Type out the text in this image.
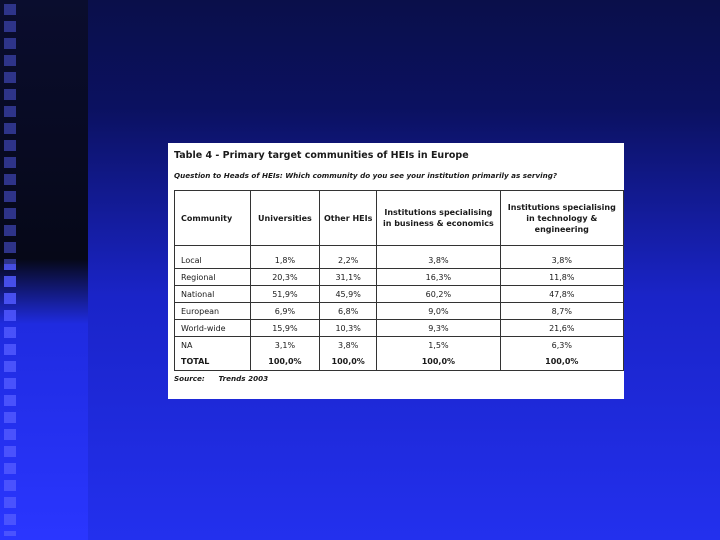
Table 4 - Primary target communities of HEIs in Europe
Question to Heads of HEIs: Which community do you see your institution primarily as serving?
Community	Universities	Other HEIs	Institutions specialising in business & economics	Institutions specialising in technology & engineering
Local	1,8%	2,2%	3,8%	3,8%
Regional	20,3%	31,1%	16,3%	11,8%
National	51,9%	45,9%	60,2%	47,8%
European	6,9%	6,8%	9,0%	8,7%
World-wide	15,9%	10,3%	9,3%	21,6%
NA	3,1%	3,8%	1,5%	6,3%
TOTAL	100,0%	100,0%	100,0%	100,0%
Source: Trends 2003
